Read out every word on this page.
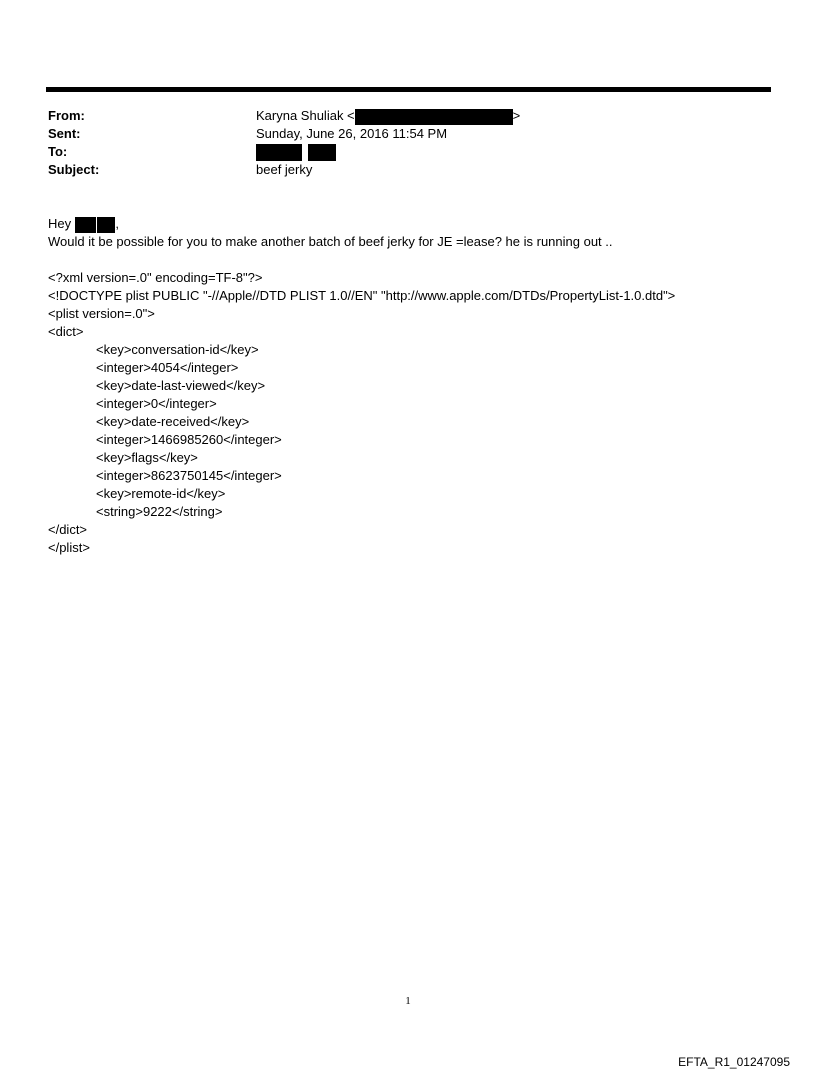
From:
Sent:
To:
Subject:
Karyna Shuliak <	>
Sunday, June 26, 2016 11:54 PM

beef jerky
Hey	,
Would it be possible for you to make another batch of beef jerky for JE =lease? he is running out ..
<?xml version=.0" encoding=TF-8"?>
<!DOCTYPE plist PUBLIC "-//Apple//DTD PLIST 1.0//EN" "http://www.apple.com/DTDs/PropertyList-1.0.dtd">
<plist version=.0">
<dict>
<key>conversation-id</key>
<integer>4054</integer>
<key>date-last-viewed</key>
<integer>0</integer>
<key>date-received</key>
<integer>1466985260</integer>
<key>flags</key>
<integer>8623750145</integer>
<key>remote-id</key>
<string>9222</string>
</dict>
</plist>
1
EFTA_R1_01247095
